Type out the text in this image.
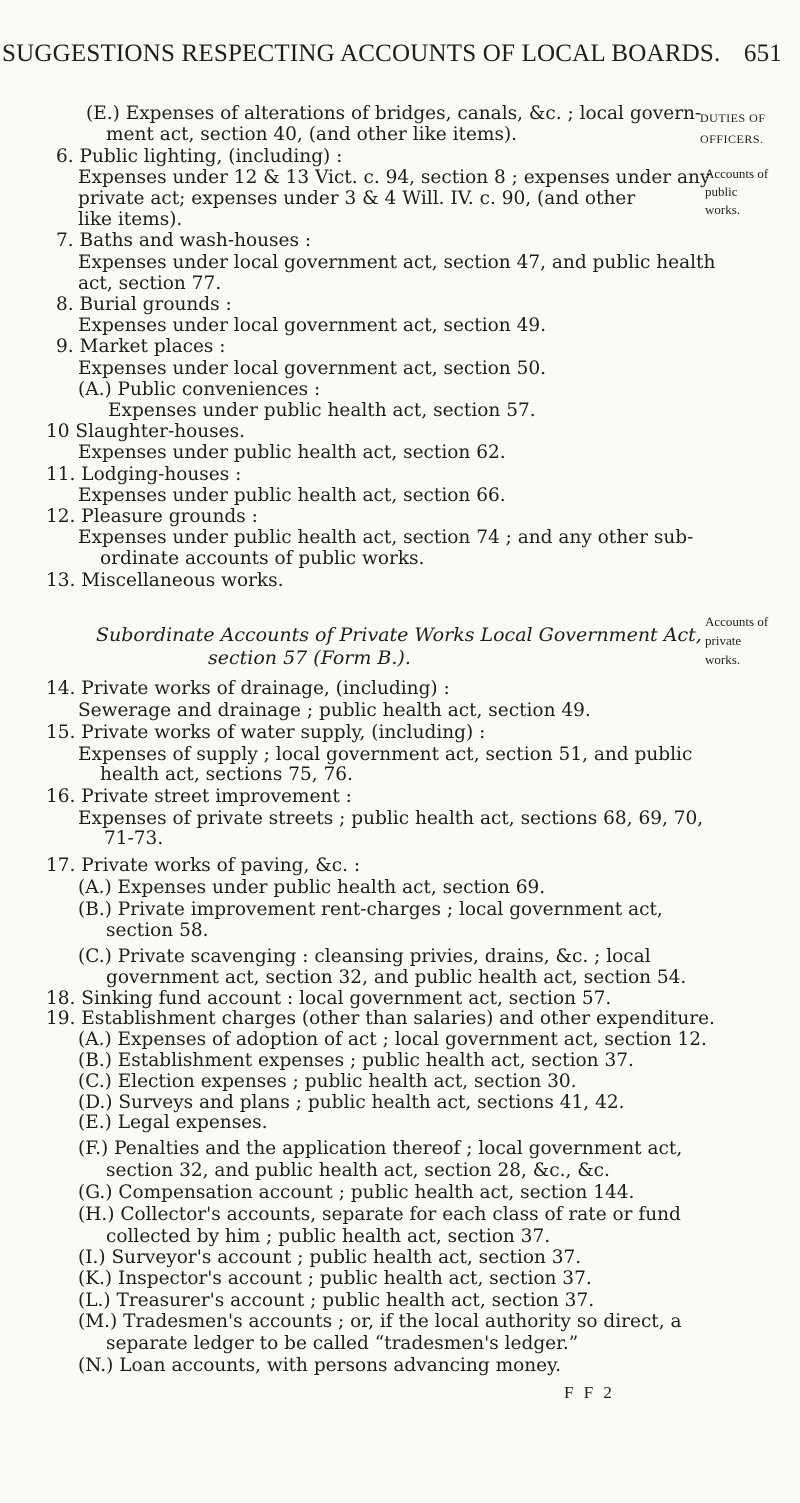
SUGGESTIONS RESPECTING ACCOUNTS OF LOCAL BOARDS. 651
DUTIES OF
OFFICERS.
Accounts of
public
works.
Accounts of
private
works.
(E.) Expenses of alterations of bridges, canals, &c. ; local govern-
ment act, section 40, (and other like items).
6. Public lighting, (including) :
Expenses under 12 & 13 Vict. c. 94, section 8 ; expenses under any
private act; expenses under 3 & 4 Will. IV. c. 90, (and other
like items).
7. Baths and wash-houses :
Expenses under local government act, section 47, and public health
act, section 77.
8. Burial grounds :
Expenses under local government act, section 49.
9. Market places :
Expenses under local government act, section 50.
(A.) Public conveniences :
Expenses under public health act, section 57.
10 Slaughter-houses.
Expenses under public health act, section 62.
11. Lodging-houses :
Expenses under public health act, section 66.
12. Pleasure grounds :
Expenses under public health act, section 74 ; and any other sub-
ordinate accounts of public works.
13. Miscellaneous works.
Subordinate Accounts of Private Works Local Government Act,
section 57 (Form B.).
14. Private works of drainage, (including) :
Sewerage and drainage ; public health act, section 49.
15. Private works of water supply, (including) :
Expenses of supply ; local government act, section 51, and public
health act, sections 75, 76.
16. Private street improvement :
Expenses of private streets ; public health act, sections 68, 69, 70,
71-73.
17. Private works of paving, &c. :
(A.) Expenses under public health act, section 69.
(B.) Private improvement rent-charges ; local government act,
section 58.
(C.) Private scavenging : cleansing privies, drains, &c. ; local
government act, section 32, and public health act, section 54.
18. Sinking fund account : local government act, section 57.
19. Establishment charges (other than salaries) and other expenditure.
(A.) Expenses of adoption of act ; local government act, section 12.
(B.) Establishment expenses ; public health act, section 37.
(C.) Election expenses ; public health act, section 30.
(D.) Surveys and plans ; public health act, sections 41, 42.
(E.) Legal expenses.
(F.) Penalties and the application thereof ; local government act,
section 32, and public health act, section 28, &c., &c.
(G.) Compensation account ; public health act, section 144.
(H.) Collector's accounts, separate for each class of rate or fund
collected by him ; public health act, section 37.
(I.) Surveyor's account ; public health act, section 37.
(K.) Inspector's account ; public health act, section 37.
(L.) Treasurer's account ; public health act, section 37.
(M.) Tradesmen's accounts ; or, if the local authority so direct, a
separate ledger to be called “tradesmen's ledger.”
(N.) Loan accounts, with persons advancing money.
F F 2
